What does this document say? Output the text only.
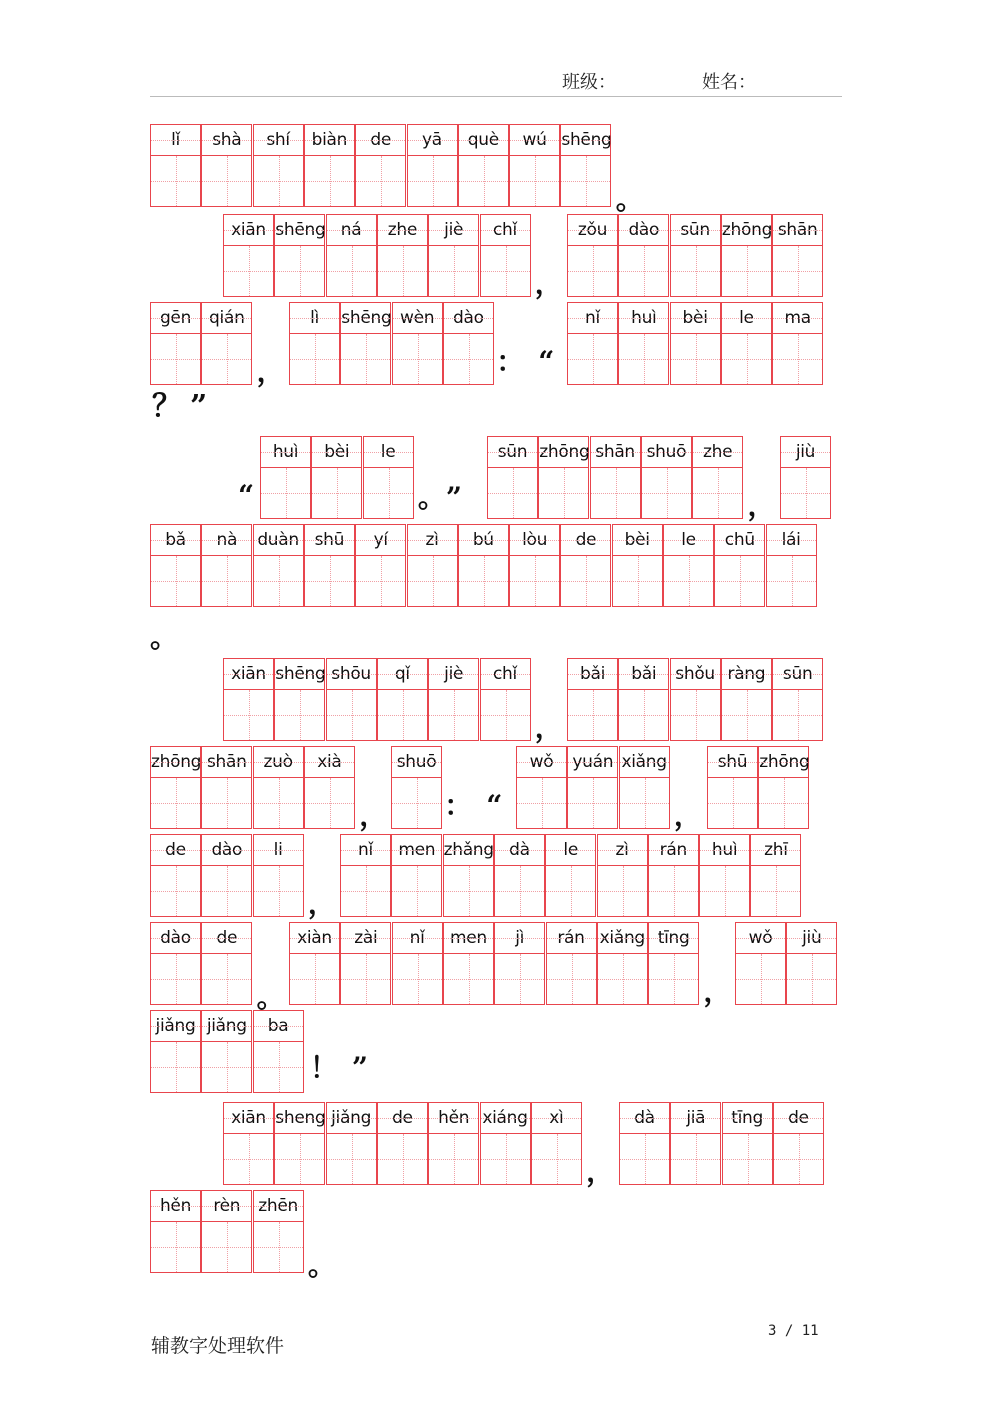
班级：	姓名：
lǐ	shà	shí	biàn	de	yā	què	wú shēng
。
xiān shēng ná	zhe	jiè	chǐ
，
zǒu	dào	sūn zhōng shān
gēn	qián
，
lì	shēng wèn	dào
：“
nǐ	huì	bèi	le	ma
？”
huì	bèi	le
“	。”
sūn zhōng shān shuō zhe
，
jiù
bǎ	nà	duàn shū	yí	zì	bú	lòu	de	bèi	le	chū	lái
。
xiān shēng shōu	qǐ	jiè	chǐ
，
bǎi	bǎi	shǒu ràng	sūn
zhōng shān zuò	xià
，
shuō
：“
wǒ	yuán xiǎng
，
shū zhōng
de	dào	li
，
nǐ	men zhǎng dà	le	zì	rán	huì	zhī
dào	de
。
xiàn	zài	nǐ	men	jì	rán xiǎng tīng
，
wǒ	jiù
jiǎng jiǎng	ba
！”
xiān sheng jiǎng	de	hěn xiáng	xì
，
dà	jiā	tīng	de
hěn	rèn	zhēn
。
辅教字处理软件
3 / 11
